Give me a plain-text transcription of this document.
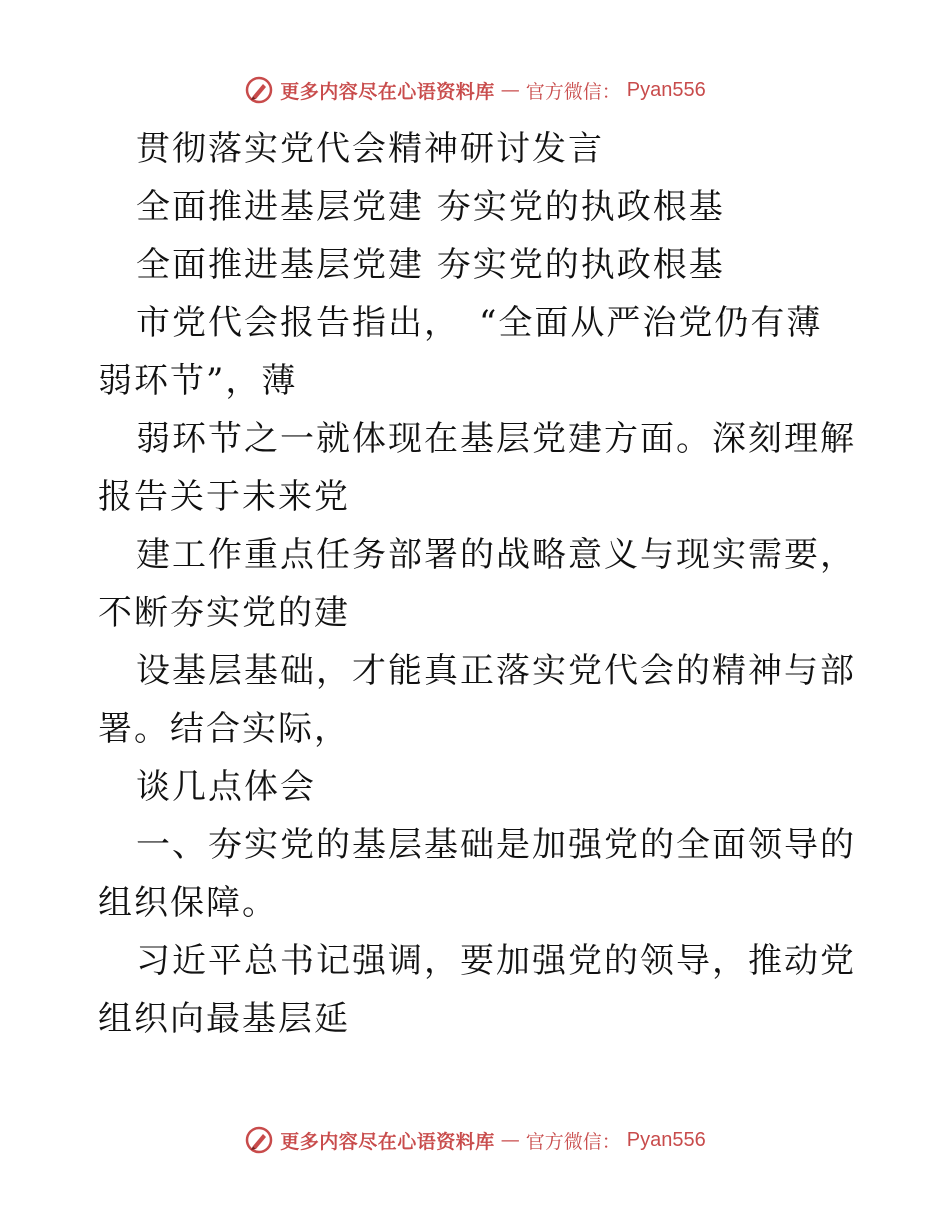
更多内容尽在心语资料库 — 官方微信： Pyan556

贯彻落实党代会精神研讨发言

全面推进基层党建 夯实党的执政根基

全面推进基层党建 夯实党的执政根基

市党代会报告指出，　“全面从严治党仍有薄弱环节”，薄

弱环节之一就体现在基层党建方面。深刻理解报告关于未来党

建工作重点任务部署的战略意义与现实需要，不断夯实党的建

设基层基础，才能真正落实党代会的精神与部署。结合实际，

谈几点体会

一、夯实党的基层基础是加强党的全面领导的组织保障。

习近平总书记强调，要加强党的领导，推动党组织向最基层延

更多内容尽在心语资料库 — 官方微信： Pyan556
